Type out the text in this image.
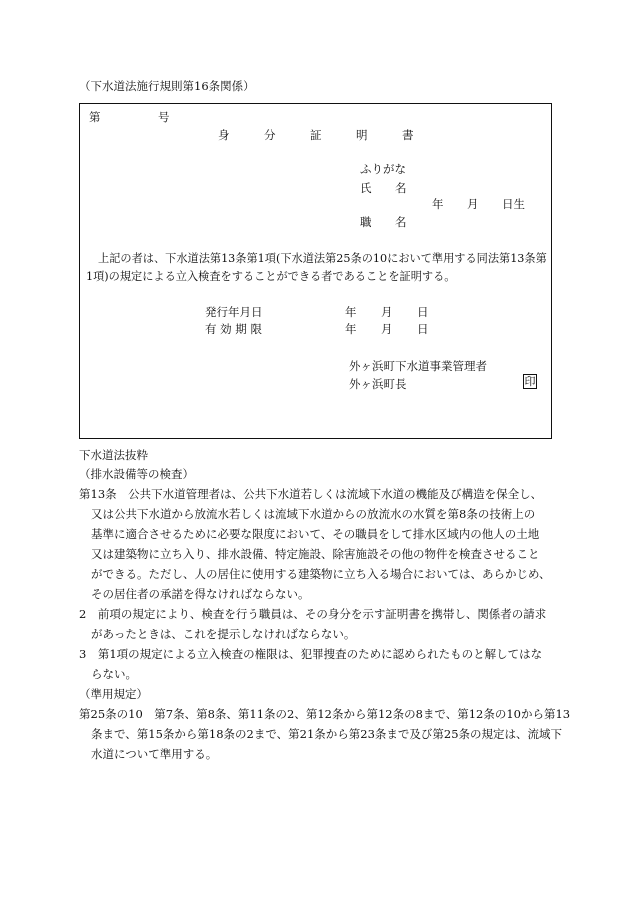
（下水道法施行規則第16条関係）
第	号
身	分	証	明	書
ふりがな
氏 名
年 月 日生
職 名
上記の者は、下水道法第13条第1項(下水道法第25条の10において準用する同法第13条第
1項)の規定による立入検査をすることができる者であることを証明する。
発行年月日	年 月 日
有 効 期 限	年 月 日
外ヶ浜町下水道事業管理者
外ヶ浜町長	印
下水道法抜粋
（排水設備等の検査）
第13条　公共下水道管理者は、公共下水道若しくは流域下水道の機能及び構造を保全し、
又は公共下水道から放流水若しくは流域下水道からの放流水の水質を第8条の技術上の
基準に適合させるために必要な限度において、その職員をして排水区域内の他人の土地
又は建築物に立ち入り、排水設備、特定施設、除害施設その他の物件を検査させること
ができる。ただし、人の居住に使用する建築物に立ち入る場合においては、あらかじめ、
その居住者の承諾を得なければならない。
2　前項の規定により、検査を行う職員は、その身分を示す証明書を携帯し、関係者の請求
があったときは、これを提示しなければならない。
3　第1項の規定による立入検査の権限は、犯罪捜査のために認められたものと解してはな
らない。
（準用規定）
第25条の10　第7条、第8条、第11条の2、第12条から第12条の8まで、第12条の10から第13
条まで、第15条から第18条の2まで、第21条から第23条まで及び第25条の規定は、流域下
水道について準用する。
